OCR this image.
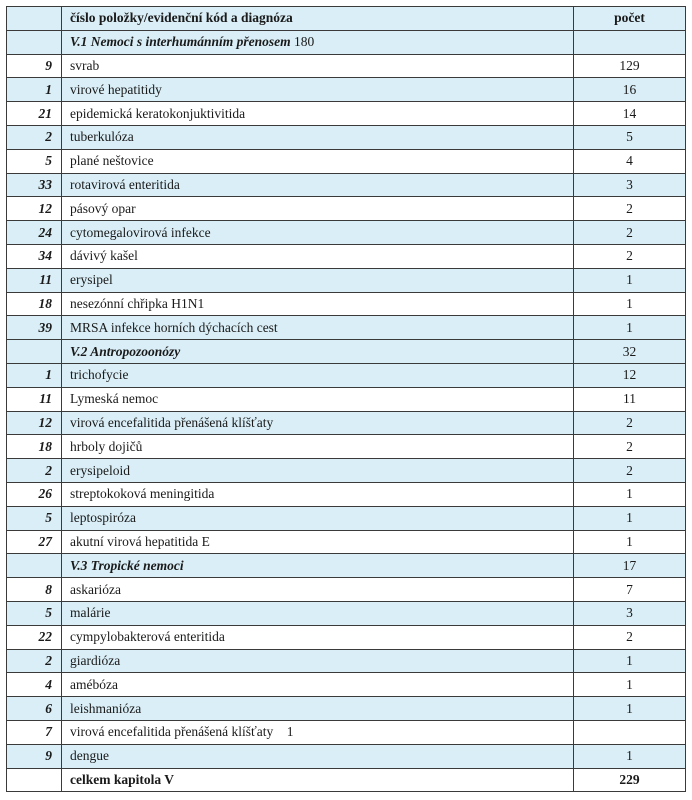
	číslo položky/evidenční kód a diagnóza	počet
	V.1 Nemoci s interhumánním přenosem 180	
9	svrab	129
1	virové hepatitidy	16
21	epidemická keratokonjuktivitida	14
2	tuberkulóza	5
5	plané neštovice	4
33	rotavirová enteritida	3
12	pásový opar	2
24	cytomegalovirová infekce	2
34	dávivý kašel	2
11	erysipel	1
18	nesezónní chřipka H1N1	1
39	MRSA infekce horních dýchacích cest	1
	V.2 Antropozoonózy	32
1	trichofycie	12
11	Lymeská nemoc	11
12	virová encefalitida přenášená klíšťaty	2
18	hrboly dojičů	2
2	erysipeloid	2
26	streptokoková meningitida	1
5	leptospiróza	1
27	akutní virová hepatitida E	1
	V.3 Tropické nemoci	17
8	askarióza	7
5	malárie	3
22	cympylobakterová enteritida	2
2	giardióza	1
4	amébóza	1
6	leishmanióza	1
7	virová encefalitida přenášená klíšťaty    1	
9	dengue	1
	celkem kapitola V	229
